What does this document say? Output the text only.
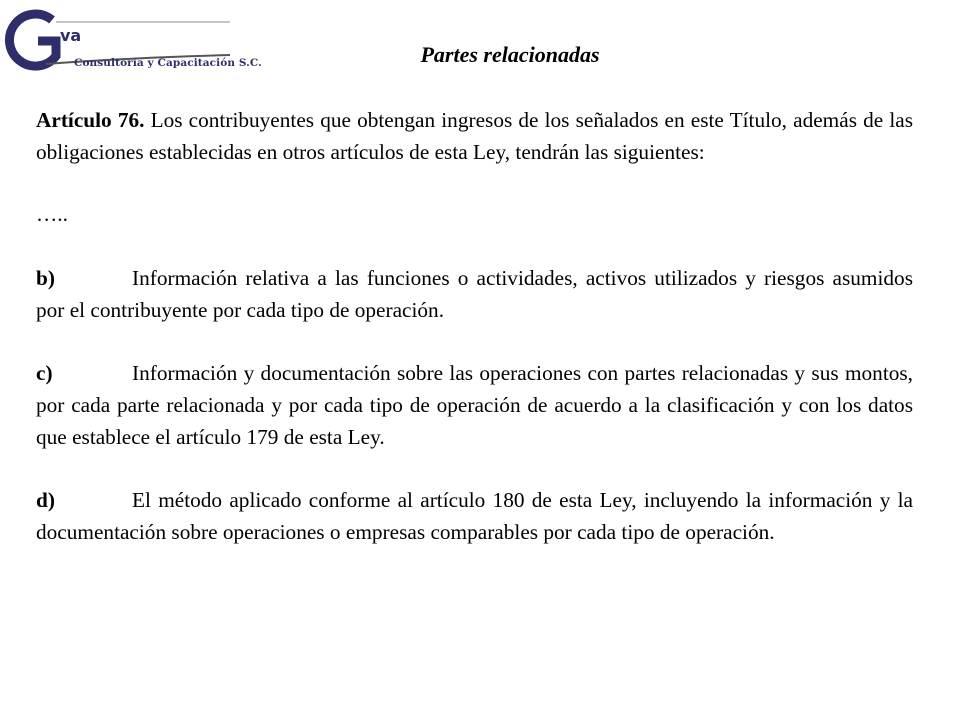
va
Consultoría y Capacitación S.C.	Partes relacionadas

Artículo 76. Los contribuyentes que obtengan ingresos de los señalados en este Título, además de las obligaciones establecidas en otros artículos de esta Ley, tendrán las siguientes:

…..

b)	Información relativa a las funciones o actividades, activos utilizados y riesgos asumidos por el contribuyente por cada tipo de operación.

c)	Información y documentación sobre las operaciones con partes relacionadas y sus montos, por cada parte relacionada y por cada tipo de operación de acuerdo a la clasificación y con los datos que establece el artículo 179 de esta Ley.

d)	El método aplicado conforme al artículo 180 de esta Ley, incluyendo la información y la documentación sobre operaciones o empresas comparables por cada tipo de operación.
